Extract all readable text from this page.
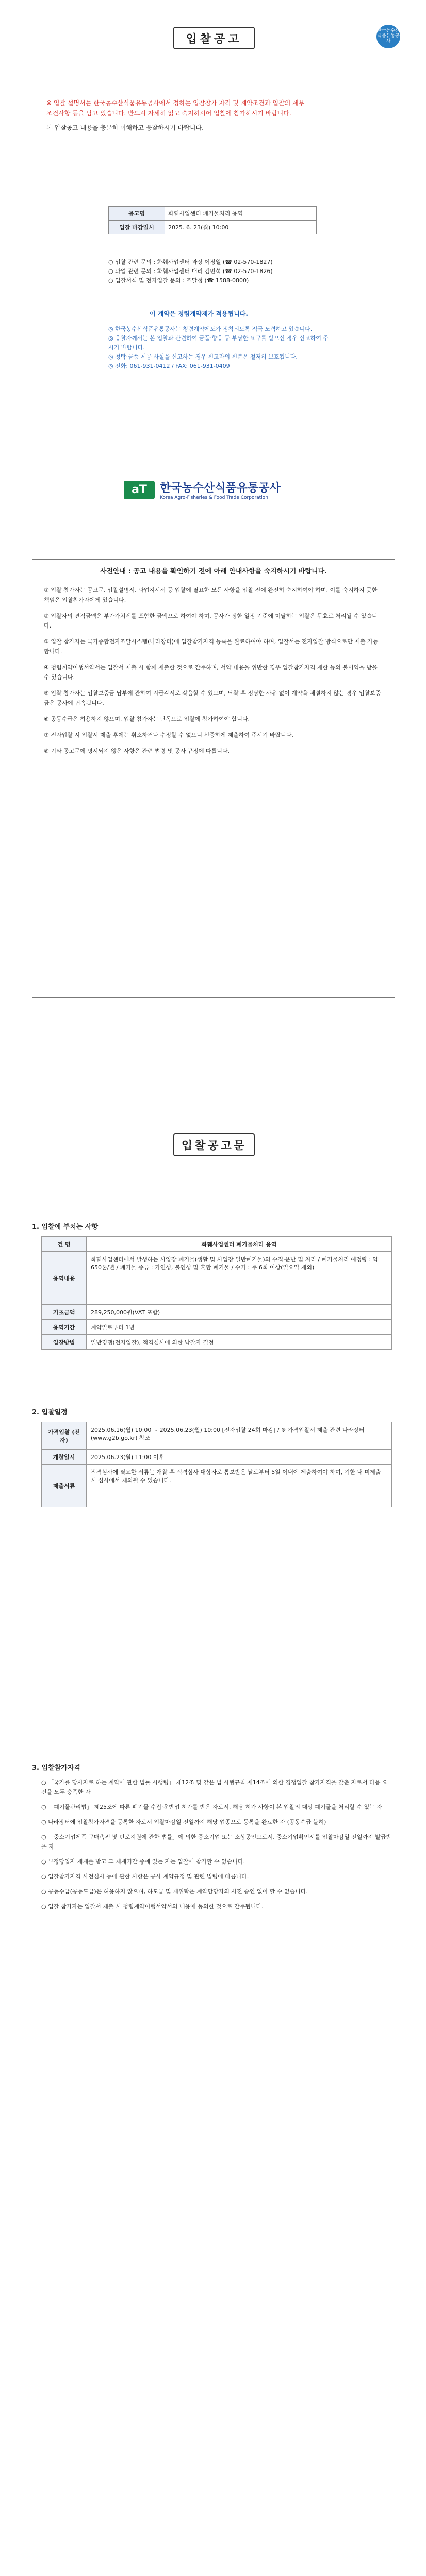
입찰공고
한국농수산식품유통공사
※ 입찰 설명서는 한국농수산식품유통공사에서 정하는 입찰참가 자격 및 계약조건과 입찰의 세부
조건사항 등을 담고 있습니다. 반드시 자세히 읽고 숙지하시어 입찰에 참가하시기 바랍니다.
본 입찰공고 내용을 충분히 이해하고 응찰하시기 바랍니다.
공고명	화훼사업센터 폐기물처리 용역
입찰 마감일시	2025. 6. 23(월) 10:00
○ 입찰 관련 문의 : 화훼사업센터 과장 이정열 (☎ 02-570-1827)
○ 과업 관련 문의 : 화훼사업센터 대리 김민석 (☎ 02-570-1826)
○ 입찰서식 및 전자입찰 문의 : 조달청 (☎ 1588-0800)
이 계약은 청렴계약제가 적용됩니다.
◎ 한국농수산식품유통공사는 청렴계약제도가 정착되도록 적극 노력하고 있습니다.
◎ 응찰자께서는 본 입찰과 관련하여 금품·향응 등 부당한 요구를 받으신 경우 신고하여 주시기 바랍니다.
◎ 청탁·금품 제공 사실을 신고하는 경우 신고자의 신분은 철저히 보호됩니다.
◎ 전화: 061-931-0412 / FAX: 061-931-0409
aT	한국농수산식품유통공사
Korea Agro-Fisheries & Food Trade Corporation
사전안내 : 공고 내용을 확인하기 전에 아래 안내사항을 숙지하시기 바랍니다.

① 입찰 참가자는 공고문, 입찰설명서, 과업지시서 등 입찰에 필요한 모든 사항을 입찰 전에 완전히 숙지하여야 하며, 이를 숙지하지 못한 책임은 입찰참가자에게 있습니다.

② 입찰자의 견적금액은 부가가치세를 포함한 금액으로 하여야 하며, 공사가 정한 일정 기준에 미달하는 입찰은 무효로 처리될 수 있습니다.

③ 입찰 참가자는 국가종합전자조달시스템(나라장터)에 입찰참가자격 등록을 완료하여야 하며, 입찰서는 전자입찰 방식으로만 제출 가능합니다.

④ 청렴계약이행서약서는 입찰서 제출 시 함께 제출한 것으로 간주하며, 서약 내용을 위반한 경우 입찰참가자격 제한 등의 불이익을 받을 수 있습니다.

⑤ 입찰 참가자는 입찰보증금 납부에 관하여 지급각서로 갈음할 수 있으며, 낙찰 후 정당한 사유 없이 계약을 체결하지 않는 경우 입찰보증금은 공사에 귀속됩니다.

⑥ 공동수급은 허용하지 않으며, 입찰 참가자는 단독으로 입찰에 참가하여야 합니다.

⑦ 전자입찰 시 입찰서 제출 후에는 취소하거나 수정할 수 없으니 신중하게 제출하여 주시기 바랍니다.

⑧ 기타 공고문에 명시되지 않은 사항은 관련 법령 및 공사 규정에 따릅니다.

입찰공고문
1. 입찰에 부치는 사항
건 명	화훼사업센터 폐기물처리 용역
용역내용	화훼사업센터에서 발생하는 사업장 폐기물(생활 및 사업장 일반폐기물)의 수집·운반 및 처리 / 폐기물처리 예정량 : 약 650톤/년 / 폐기물 종류 : 가연성, 불연성 및 혼합 폐기물 / 수거 : 주 6회 이상(일요일 제외)
기초금액	289,250,000원(VAT 포함)
용역기간	계약일로부터 1년
입찰방법	일반경쟁(전자입찰), 적격심사에 의한 낙찰자 결정
2. 입찰일정
가격입찰 (전자)	2025.06.16(월) 10:00 ~ 2025.06.23(월) 10:00 [전자입찰 24회 마감] / ※ 가격입찰서 제출 관련 나라장터(www.g2b.go.kr) 참조
개찰일시	2025.06.23(월) 11:00 이후
제출서류	적격심사에 필요한 서류는 개찰 후 적격심사 대상자로 통보받은 날로부터 5일 이내에 제출하여야 하며, 기한 내 미제출 시 심사에서 제외될 수 있습니다.
3. 입찰참가자격

○ 「국가를 당사자로 하는 계약에 관한 법률 시행령」 제12조 및 같은 법 시행규칙 제14조에 의한 경쟁입찰 참가자격을 갖춘 자로서 다음 요건을 모두 충족한 자

○ 「폐기물관리법」 제25조에 따른 폐기물 수집·운반업 허가를 받은 자로서, 해당 허가 사항이 본 입찰의 대상 폐기물을 처리할 수 있는 자

○ 나라장터에 입찰참가자격을 등록한 자로서 입찰마감일 전일까지 해당 업종으로 등록을 완료한 자 (공동수급 불허)

○ 「중소기업제품 구매촉진 및 판로지원에 관한 법률」에 의한 중소기업 또는 소상공인으로서, 중소기업확인서를 입찰마감일 전일까지 발급받은 자

○ 부정당업자 제재를 받고 그 제재기간 중에 있는 자는 입찰에 참가할 수 없습니다.

○ 입찰참가자격 사전심사 등에 관한 사항은 공사 계약규정 및 관련 법령에 따릅니다.

○ 공동수급(공동도급)은 허용하지 않으며, 하도급 및 재위탁은 계약담당자의 사전 승인 없이 할 수 없습니다.

○ 입찰 참가자는 입찰서 제출 시 청렴계약이행서약서의 내용에 동의한 것으로 간주됩니다.
